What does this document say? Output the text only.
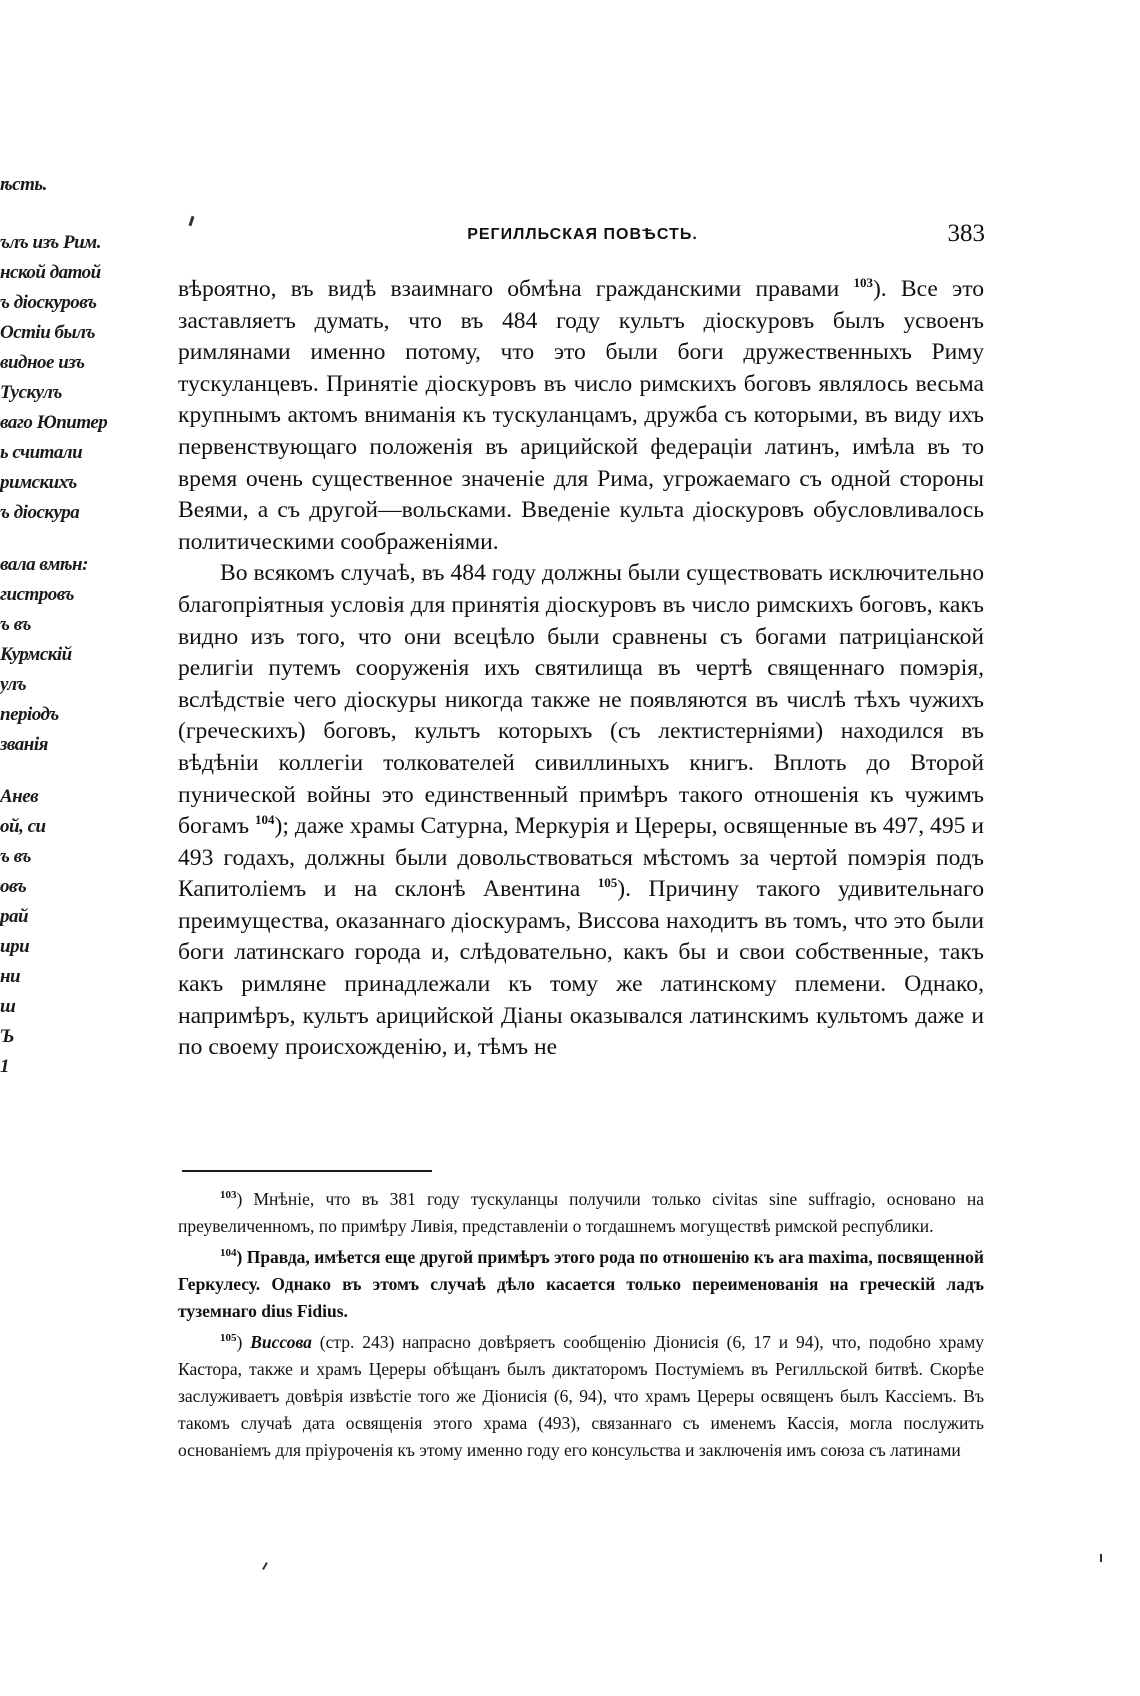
ѣсть.
ълъ изъ Рим.
нской датой
ъ діоскуровъ
Остіи былъ
видное изъ
Тускулъ
ваго Юпитер
ь считали
римскихъ
ъ діоскура
вала вмѣн:
гистровъ
ъ въ
Курмскій
улъ
періодъ
званія
Анев
ой, си
ъ въ
овъ
рай
ири
ни
ш
Ъ
1
РЕГИЛЛЬСКАЯ ПОВѢСТЬ.	383

вѣроятно, въ видѣ взаимнаго обмѣна гражданскими правами $^{103}$). Все это заставляетъ думать, что въ 484 году культъ діоскуровъ былъ усвоенъ римлянами именно потому, что это были боги дружественныхъ Риму тускуланцевъ. Принятіе діоскуровъ въ число римскихъ боговъ являлось весьма крупнымъ актомъ вниманія къ тускуланцамъ, дружба съ которыми, въ виду ихъ первенствующаго положенія въ арицийской федераціи латинъ, имѣла въ то время очень существенное значеніе для Рима, угрожаемаго съ одной стороны Веями, а съ другой—вольсками. Введеніе культа діоскуровъ обусловливалось политическими соображеніями.

Во всякомъ случаѣ, въ 484 году должны были существовать исключительно благопріятныя условія для принятія діоскуровъ въ число римскихъ боговъ, какъ видно изъ того, что они всецѣло были сравнены съ богами патриціанской религіи путемъ сооруженія ихъ святилища въ чертѣ священнаго помэрія, вслѣдствіе чего діоскуры никогда также не появляются въ числѣ тѣхъ чужихъ (греческихъ) боговъ, культъ которыхъ (съ лектистерніями) находился въ вѣдѣніи коллегіи толкователей сивиллиныхъ книгъ. Вплоть до Второй пунической войны это единственный примѣръ такого отношенія къ чужимъ богамъ $^{104}$); даже храмы Сатурна, Меркурія и Цереры, освященные въ 497, 495 и 493 годахъ, должны были довольствоваться мѣстомъ за чертой помэрія подъ Капитоліемъ и на склонѣ Авентина $^{105}$). Причину такого удивительнаго преимущества, оказаннаго діоскурамъ, Виссова находитъ въ томъ, что это были боги латинскаго города и, слѣдовательно, какъ бы и свои собственные, такъ какъ римляне принадлежали къ тому же латинскому племени. Однако, напримѣръ, культъ арицийской Діаны оказывался латинскимъ культомъ даже и по своему происхожденію, и, тѣмъ не

$^{103}$) Мнѣніе, что въ 381 году тускуланцы получили только civitas sine suffragio, основано на преувеличенномъ, по примѣру Ливія, представленіи о тогдашнемъ могуществѣ римской республики.

$^{104}$) Правда, имѣется еще другой примѣръ этого рода по отношенію къ ara maxima, посвященной Геркулесу. Однако въ этомъ случаѣ дѣло касается только переименованія на греческій ладъ туземнаго dius Fidius.

$^{105}$) Виссова (стр. 243) напрасно довѣряетъ сообщенію Діонисія (6, 17 и 94), что, подобно храму Кастора, также и храмъ Цереры обѣщанъ былъ диктаторомъ Постуміемъ въ Регилльской битвѣ. Скорѣе заслуживаетъ довѣрія извѣстіе того же Діонисія (6, 94), что храмъ Цереры освященъ былъ Кассіемъ. Въ такомъ случаѣ дата освященія этого храма (493), связаннаго съ именемъ Кассія, могла послужить основаніемъ для пріуроченія къ этому именно году его консульства и заключенія имъ союза съ латинами
